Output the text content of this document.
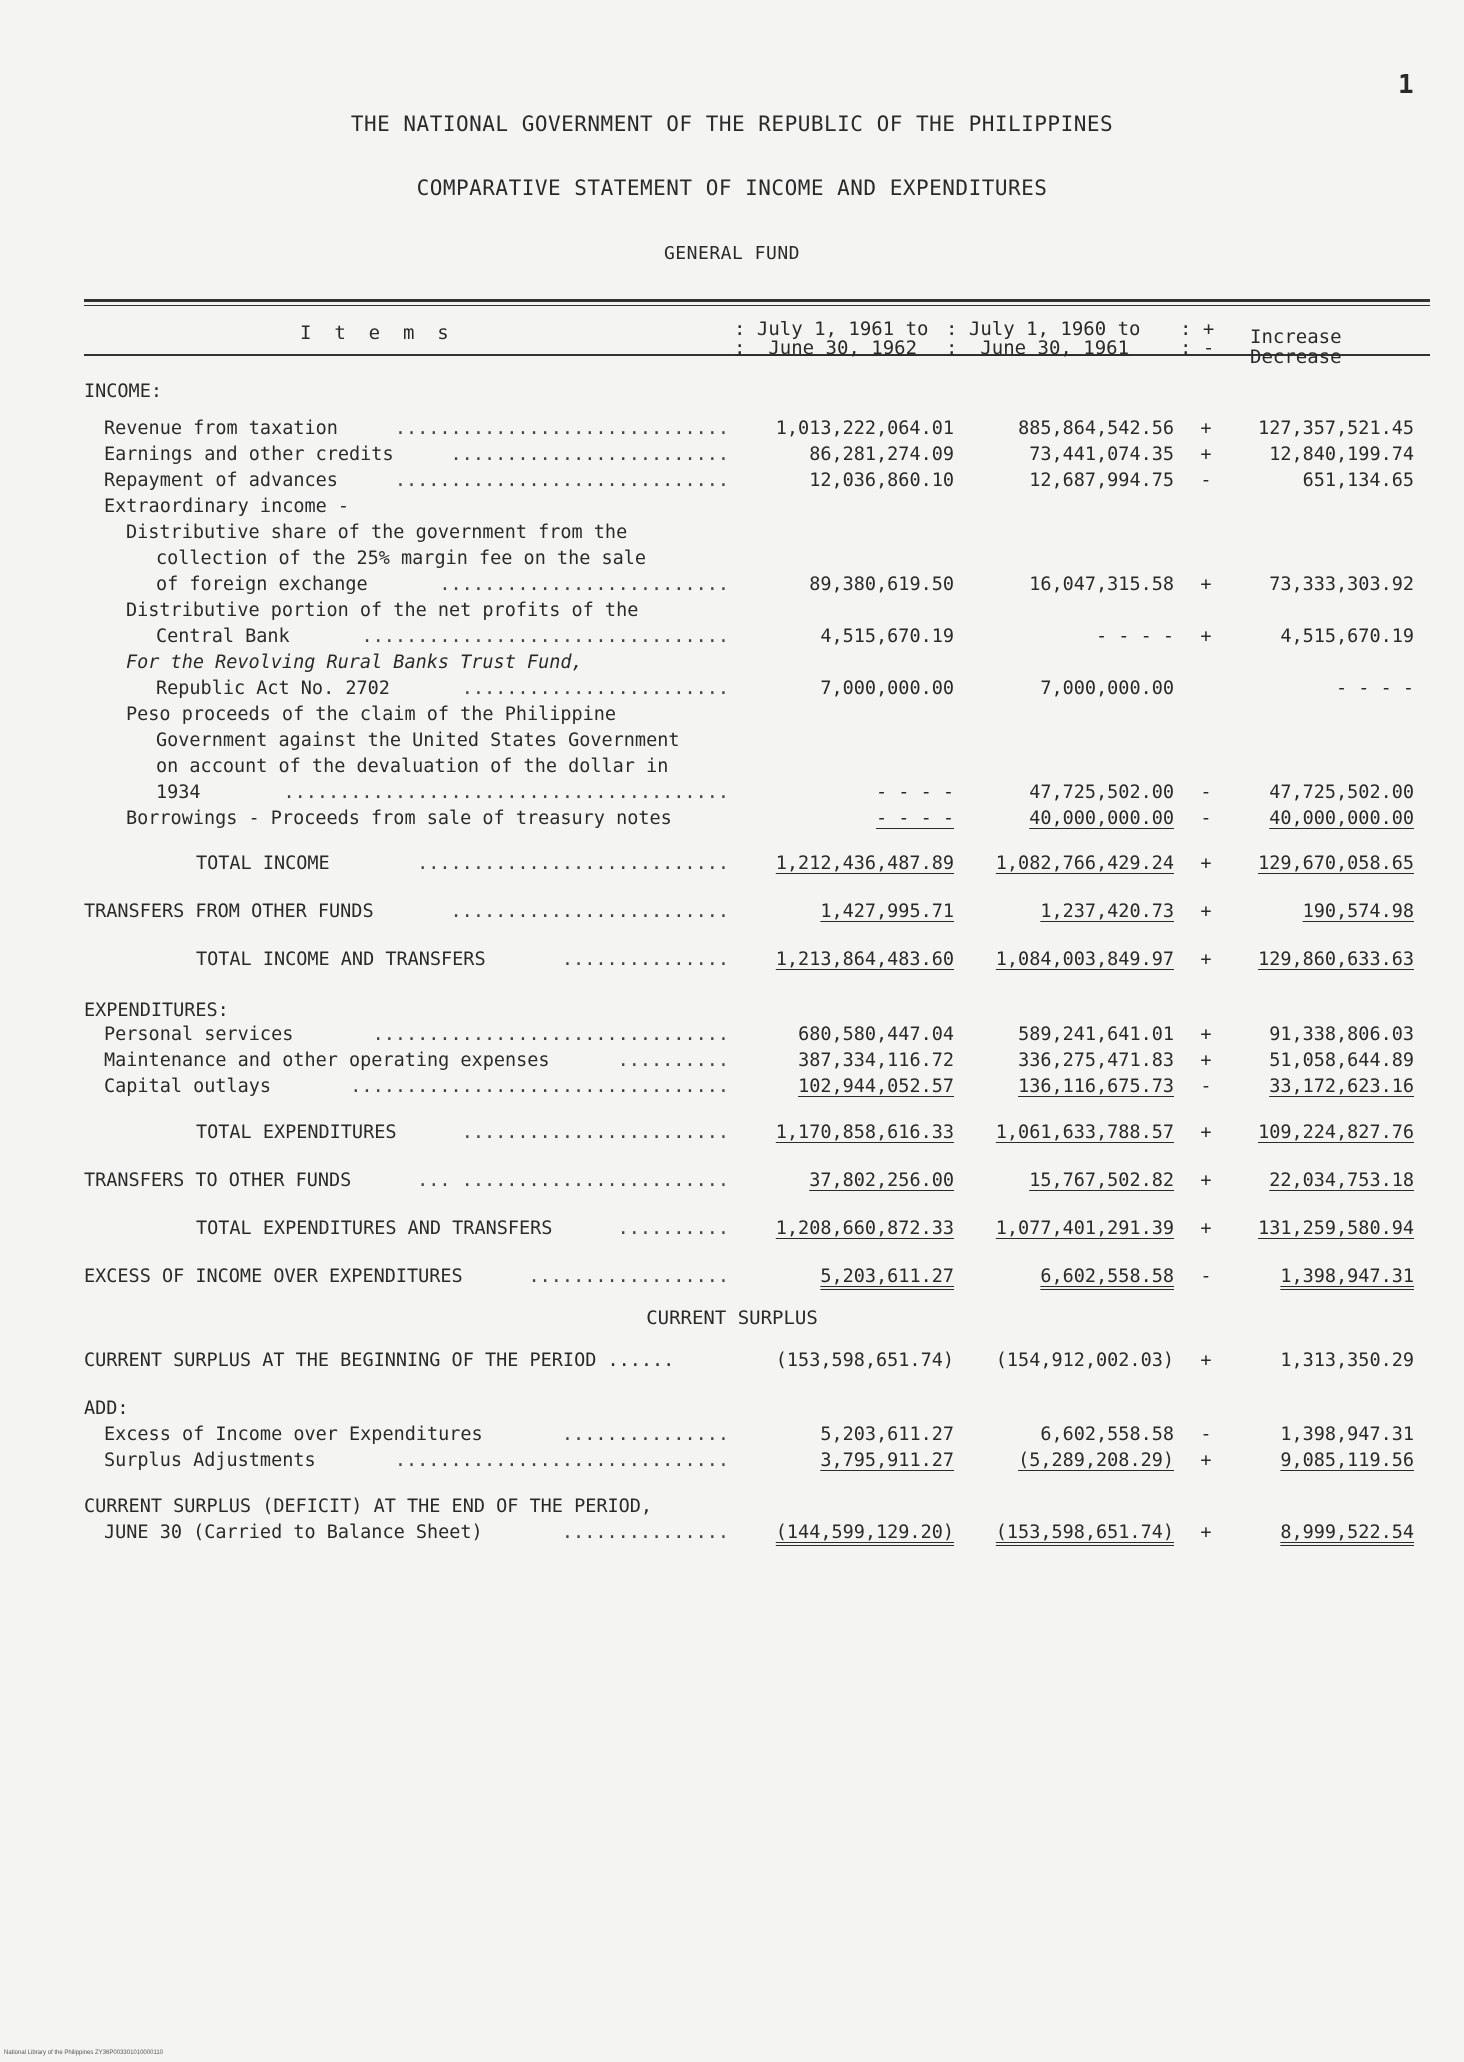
1
THE NATIONAL GOVERNMENT OF THE REPUBLIC OF THE PHILIPPINES
COMPARATIVE STATEMENT OF INCOME AND EXPENDITURES
GENERAL FUND
I  t  e  m  s	: July 1, 1961 to
:  June 30, 1962
: July 1, 1960 to
:  June 30, 1961
: +
: - Increase
Decrease
INCOME:
Revenue from taxation	..............................	1,013,222,064.01	885,864,542.56 +	127,357,521.45
Earnings and other credits	.........................	86,281,274.09	73,441,074.35 +	12,840,199.74
Repayment of advances	..............................	12,036,860.10	12,687,994.75 -	651,134.65
Extraordinary income -
Distributive share of the government from the
collection of the 25% margin fee on the sale
of foreign exchange	..........................	89,380,619.50	16,047,315.58 +	73,333,303.92
Distributive portion of the net profits of the
Central Bank	.................................	4,515,670.19	- - - - +	4,515,670.19
For the Revolving Rural Banks Trust Fund,
Republic Act No. 2702	........................	7,000,000.00	7,000,000.00	- - - -
Peso proceeds of the claim of the Philippine
Government against the United States Government
on account of the devaluation of the dollar in
1934	........................................	- - - -	47,725,502.00 -	47,725,502.00
Borrowings - Proceeds from sale of treasury notes	- - - -	40,000,000.00 -	40,000,000.00
TOTAL INCOME	............................	1,212,436,487.89 1,082,766,429.24 +	129,670,058.65
TRANSFERS FROM OTHER FUNDS	.........................	1,427,995.71	1,237,420.73 +	190,574.98
TOTAL INCOME AND TRANSFERS	...............	1,213,864,483.60 1,084,003,849.97 +	129,860,633.63
EXPENDITURES:
Personal services	................................	680,580,447.04	589,241,641.01 +	91,338,806.03
Maintenance and other operating expenses	..........	387,334,116.72	336,275,471.83 +	51,058,644.89
Capital outlays	..................................	102,944,052.57	136,116,675.73 -	33,172,623.16
TOTAL EXPENDITURES	........................	1,170,858,616.33 1,061,633,788.57 +	109,224,827.76
TRANSFERS TO OTHER FUNDS	... ........................	37,802,256.00	15,767,502.82 +	22,034,753.18
TOTAL EXPENDITURES AND TRANSFERS	..........	1,208,660,872.33 1,077,401,291.39 +	131,259,580.94
EXCESS OF INCOME OVER EXPENDITURES	..................	5,203,611.27	6,602,558.58 -	1,398,947.31
CURRENT SURPLUS
CURRENT SURPLUS AT THE BEGINNING OF THE PERIOD ......	(153,598,651.74) (154,912,002.03) +	1,313,350.29
ADD:
Excess of Income over Expenditures	...............	5,203,611.27	6,602,558.58 -	1,398,947.31
Surplus Adjustments	..............................	3,795,911.27	(5,289,208.29) +	9,085,119.56
CURRENT SURPLUS (DEFICIT) AT THE END OF THE PERIOD,
JUNE 30 (Carried to Balance Sheet)	...............	(144,599,129.20) (153,598,651.74) +	8,999,522.54
National Library of the Philippines ZY36P003301010000110
